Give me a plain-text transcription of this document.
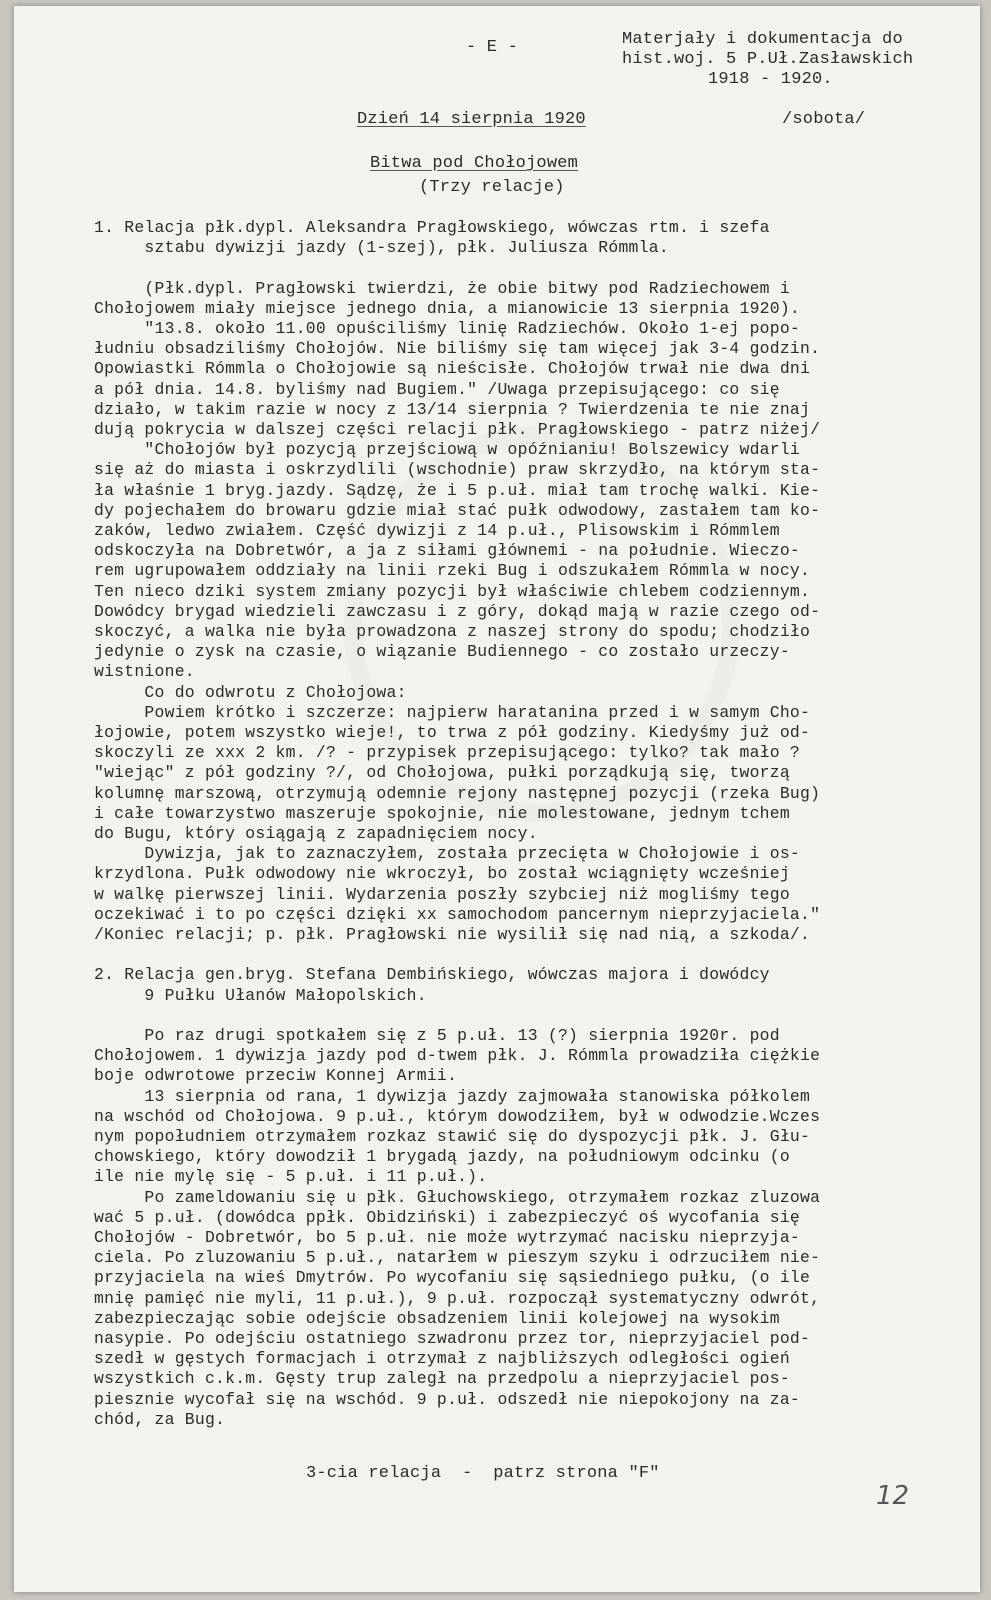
- E -	Materjały i dokumentacja do
hist.woj. 5 P.Uł.Zasławskich
1918 - 1920.
Dzień 14 sierpnia 1920	/sobota/
Bitwa pod Chołojowem
(Trzy relacje)
1. Relacja płk.dypl. Aleksandra Pragłowskiego, wówczas rtm. i szefa
sztabu dywizji jazdy (1-szej), płk. Juliusza Rómmla.
(Płk.dypl. Pragłowski twierdzi, że obie bitwy pod Radziechowem i
Chołojowem miały miejsce jednego dnia, a mianowicie 13 sierpnia 1920).
"13.8. około 11.00 opuściliśmy linię Radziechów. Około 1-ej popo-
łudniu obsadziliśmy Chołojów. Nie biliśmy się tam więcej jak 3-4 godzin.
Opowiastki Rómmla o Chołojowie są nieścisłe. Chołojów trwał nie dwa dni
a pół dnia. 14.8. byliśmy nad Bugiem." /Uwaga przepisującego: co się
działo, w takim razie w nocy z 13/14 sierpnia ? Twierdzenia te nie znaj
dują pokrycia w dalszej części relacji płk. Pragłowskiego - patrz niżej/
"Chołojów był pozycją przejściową w opóźnianiu! Bolszewicy wdarli
się aż do miasta i oskrzydlili (wschodnie) praw skrzydło, na którym sta-
ła właśnie 1 bryg.jazdy. Sądzę, że i 5 p.uł. miał tam trochę walki. Kie-
dy pojechałem do browaru gdzie miał stać pułk odwodowy, zastałem tam ko-
zaków, ledwo zwiałem. Część dywizji z 14 p.uł., Plisowskim i Rómmlem
odskoczyła na Dobretwór, a ja z siłami głównemi - na południe. Wieczo-
rem ugrupowałem oddziały na linii rzeki Bug i odszukałem Rómmla w nocy.
Ten nieco dziki system zmiany pozycji był właściwie chlebem codziennym.
Dowódcy brygad wiedzieli zawczasu i z góry, dokąd mają w razie czego od-
skoczyć, a walka nie była prowadzona z naszej strony do spodu; chodziło
jedynie o zysk na czasie, o wiązanie Budiennego - co zostało urzeczy-
wistnione.
Co do odwrotu z Chołojowa:
Powiem krótko i szczerze: najpierw haratanina przed i w samym Cho-
łojowie, potem wszystko wieje!, to trwa z pół godziny. Kiedyśmy już od-
skoczyli ze xxx 2 km. /? - przypisek przepisującego: tylko? tak mało ?
"wiejąc" z pół godziny ?/, od Chołojowa, pułki porządkują się, tworzą
kolumnę marszową, otrzymują odemnie rejony następnej pozycji (rzeka Bug)
i całe towarzystwo maszeruje spokojnie, nie molestowane, jednym tchem
do Bugu, który osiągają z zapadnięciem nocy.
Dywizja, jak to zaznaczyłem, została przecięta w Chołojowie i os-
krzydlona. Pułk odwodowy nie wkroczył, bo został wciągnięty wcześniej
w walkę pierwszej linii. Wydarzenia poszły szybciej niż mogliśmy tego
oczekiwać i to po części dzięki xx samochodom pancernym nieprzyjaciela."
/Koniec relacji; p. płk. Pragłowski nie wysilił się nad nią, a szkoda/.
2. Relacja gen.bryg. Stefana Dembińskiego, wówczas majora i dowódcy
9 Pułku Ułanów Małopolskich.
Po raz drugi spotkałem się z 5 p.uł. 13 (?) sierpnia 1920r. pod
Chołojowem. 1 dywizja jazdy pod d-twem płk. J. Rómmla prowadziła ciężkie
boje odwrotowe przeciw Konnej Armii.
13 sierpnia od rana, 1 dywizja jazdy zajmowała stanowiska półkolem
na wschód od Chołojowa. 9 p.uł., którym dowodziłem, był w odwodzie.Wczes
nym popołudniem otrzymałem rozkaz stawić się do dyspozycji płk. J. Głu-
chowskiego, który dowodził 1 brygadą jazdy, na południowym odcinku (o
ile nie mylę się - 5 p.uł. i 11 p.uł.).
Po zameldowaniu się u płk. Głuchowskiego, otrzymałem rozkaz zluzowa
wać 5 p.uł. (dowódca ppłk. Obidziński) i zabezpieczyć oś wycofania się
Chołojów - Dobretwór, bo 5 p.uł. nie może wytrzymać nacisku nieprzyja-
ciela. Po zluzowaniu 5 p.uł., natarłem w pieszym szyku i odrzuciłem nie-
przyjaciela na wieś Dmytrów. Po wycofaniu się sąsiedniego pułku, (o ile
mnię pamięć nie myli, 11 p.uł.), 9 p.uł. rozpoczął systematyczny odwrót,
zabezpieczając sobie odejście obsadzeniem linii kolejowej na wysokim
nasypie. Po odejściu ostatniego szwadronu przez tor, nieprzyjaciel pod-
szedł w gęstych formacjach i otrzymał z najbliższych odległości ogień
wszystkich c.k.m. Gęsty trup zaległ na przedpolu a nieprzyjaciel pos-
piesznie wycofał się na wschód. 9 p.uł. odszedł nie niepokojony na za-
chód, za Bug.
3-cia relacja  -  patrz strona "F"
12
